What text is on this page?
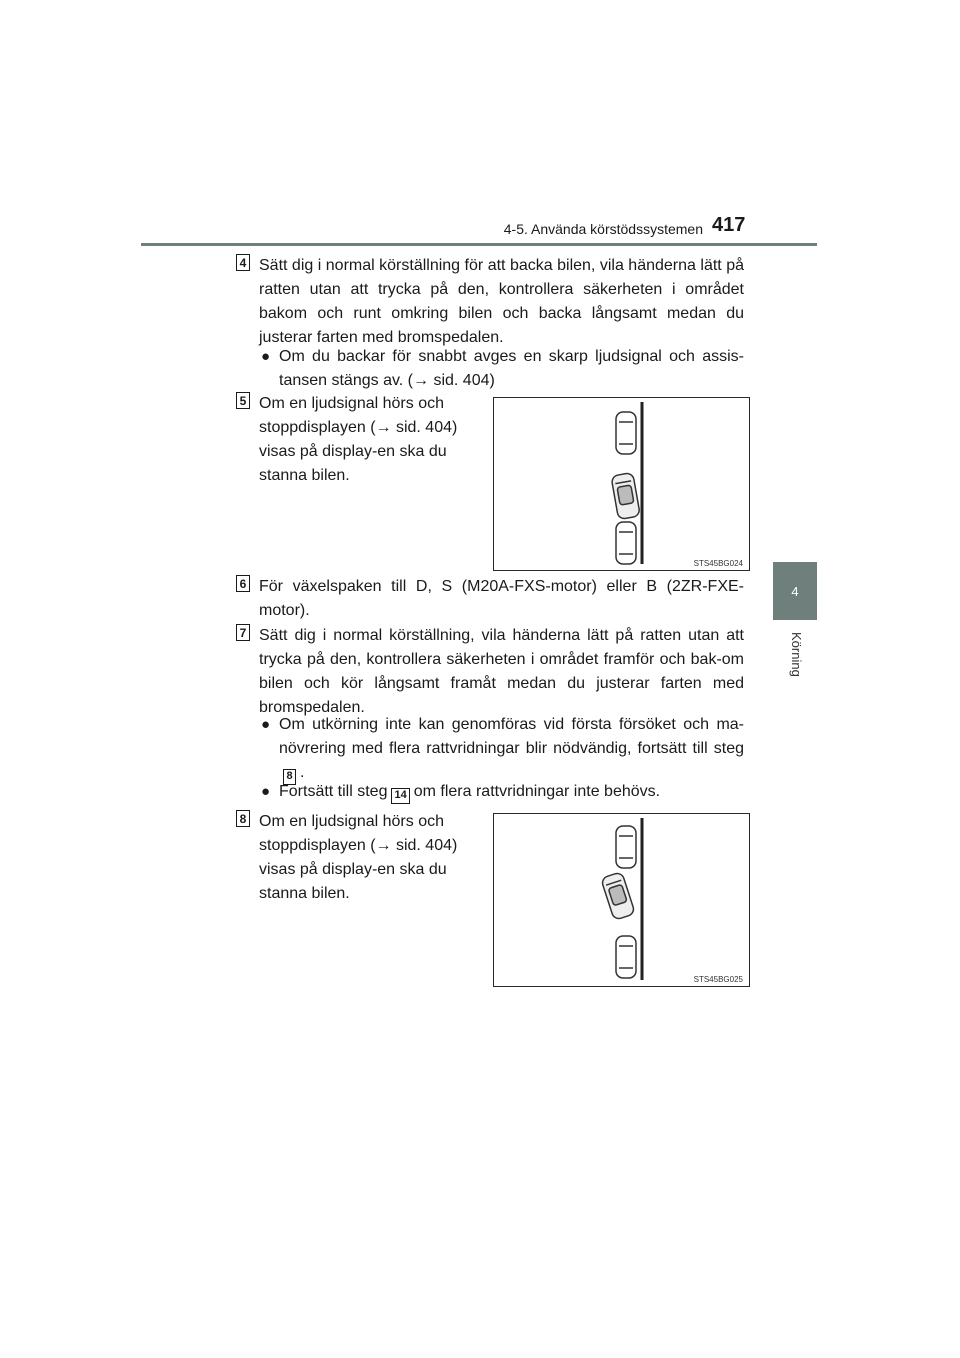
4-5. Använda körstödssystemen 417
4
Körning
4 Sätt dig i normal körställning för att backa bilen, vila händerna lätt på ratten utan att trycka på den, kontrollera säkerheten i området bakom och runt omkring bilen och backa långsamt medan du justerar farten med bromspedalen.
● Om du backar för snabbt avges en skarp ljudsignal och assis-tansen stängs av. (→ sid. 404)
5 Om en ljudsignal hörs och stoppdisplayen (→ sid. 404) visas på display-en ska du stanna bilen.
STS45BG024
6 För växelspaken till D, S (M20A-FXS-motor) eller B (2ZR-FXE-motor).
7 Sätt dig i normal körställning, vila händerna lätt på ratten utan att trycka på den, kontrollera säkerheten i området framför och bak-om bilen och kör långsamt framåt medan du justerar farten med bromspedalen.
● Om utkörning inte kan genomföras vid första försöket och ma-növrering med flera rattvridningar blir nödvändig, fortsätt till steg8 .
● Fortsätt till steg 14 om flera rattvridningar inte behövs.
8 Om en ljudsignal hörs och stoppdisplayen (→ sid. 404) visas på display-en ska du stanna bilen.
STS45BG025
